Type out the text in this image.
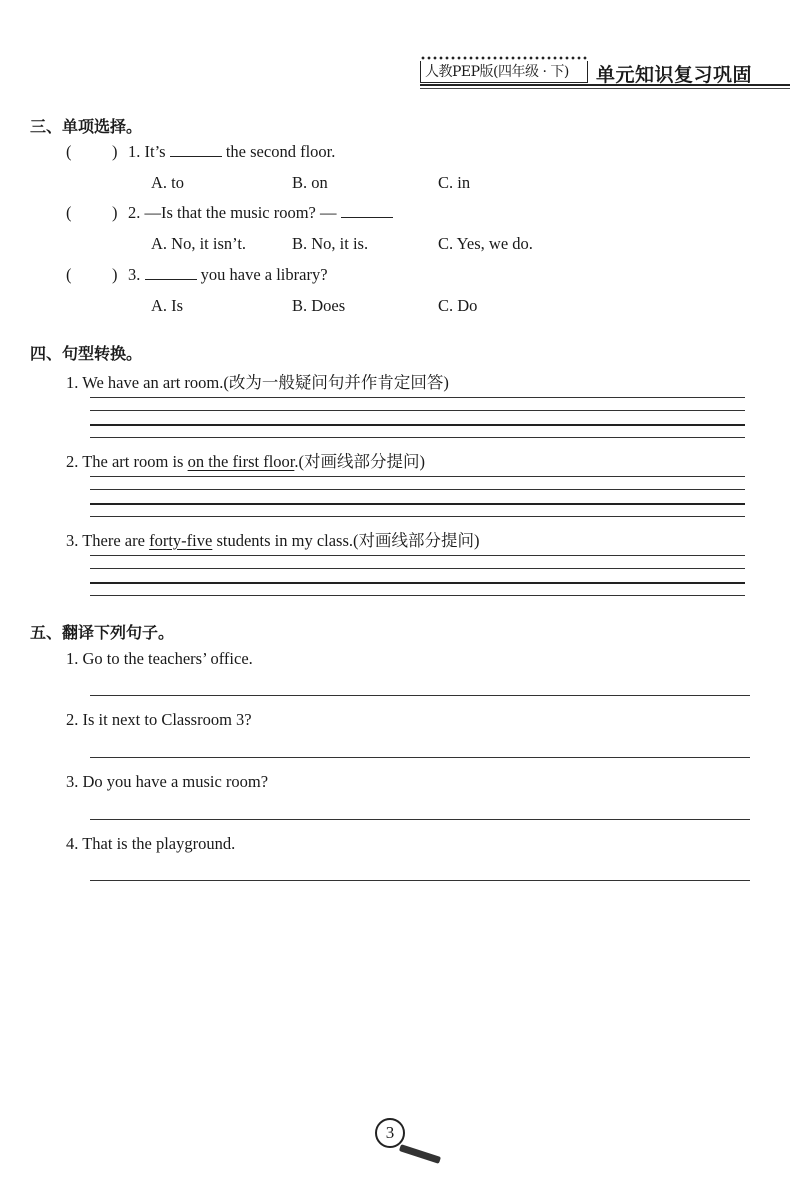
人教PEP版(四年级 · 下)	单元知识复习巩固
三、单项选择。
( ) 1. It’s	the second floor.
A. to	B. on	C. in
( ) 2. —Is that the music room? —
A. No, it isn’t.	B. No, it is.	C. Yes, we do.
( ) 3.	you have a library?
A. Is	B. Does	C. Do
四、句型转换。
1. We have an art room.(改为一般疑问句并作肯定回答)
2. The art room is on the first floor.(对画线部分提问)
3. There are forty-five students in my class.(对画线部分提问)
五、翻译下列句子。
1. Go to the teachers’ office.
2. Is it next to Classroom 3?
3. Do you have a music room?
4. That is the playground.
3
